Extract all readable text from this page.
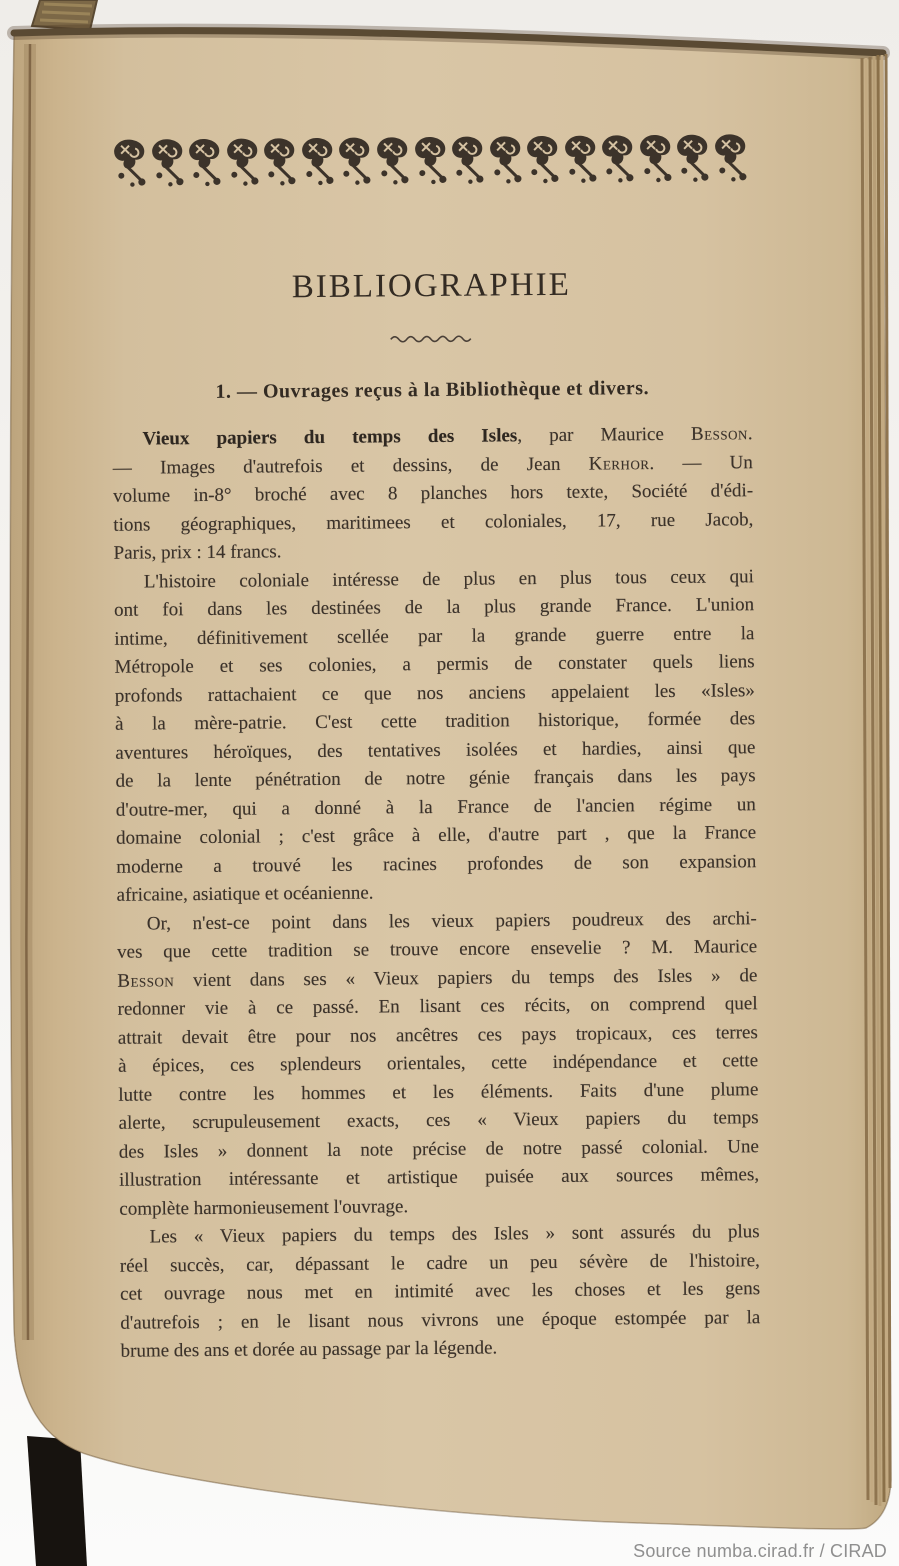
BIBLIOGRAPHIE
1. — Ouvrages reçus à la Bibliothèque et divers.
Vieux papiers du temps des Isles, par Maurice Besson.
— Images d'autrefois et dessins, de Jean Kerhor. — Un
volume in-8° broché avec 8 planches hors texte, Société d'édi-
tions géographiques, maritimees et coloniales, 17, rue Jacob,
Paris, prix : 14 francs.
L'histoire coloniale intéresse de plus en plus tous ceux qui
ont foi dans les destinées de la plus grande France. L'union
intime, définitivement scellée par la grande guerre entre la
Métropole et ses colonies, a permis de constater quels liens
profonds rattachaient ce que nos anciens appelaient les «Isles»
à la mère-patrie. C'est cette tradition historique, formée des
aventures héroïques, des tentatives isolées et hardies, ainsi que
de la lente pénétration de notre génie français dans les pays
d'outre-mer, qui a donné à la France de l'ancien régime un
domaine colonial ; c'est grâce à elle, d'autre part , que la France
moderne a trouvé les racines profondes de son expansion
africaine, asiatique et océanienne.
Or, n'est-ce point dans les vieux papiers poudreux des archi-
ves que cette tradition se trouve encore ensevelie ? M. Maurice
Besson vient dans ses « Vieux papiers du temps des Isles » de
redonner vie à ce passé. En lisant ces récits, on comprend quel
attrait devait être pour nos ancêtres ces pays tropicaux, ces terres
à épices, ces splendeurs orientales, cette indépendance et cette
lutte contre les hommes et les éléments. Faits d'une plume
alerte, scrupuleusement exacts, ces « Vieux papiers du temps
des Isles » donnent la note précise de notre passé colonial. Une
illustration intéressante et artistique puisée aux sources mêmes,
complète harmonieusement l'ouvrage.
Les « Vieux papiers du temps des Isles » sont assurés du plus
réel succès, car, dépassant le cadre un peu sévère de l'histoire,
cet ouvrage nous met en intimité avec les choses et les gens
d'autrefois ; en le lisant nous vivrons une époque estompée par la
brume des ans et dorée au passage par la légende.
Source numba.cirad.fr / CIRAD
